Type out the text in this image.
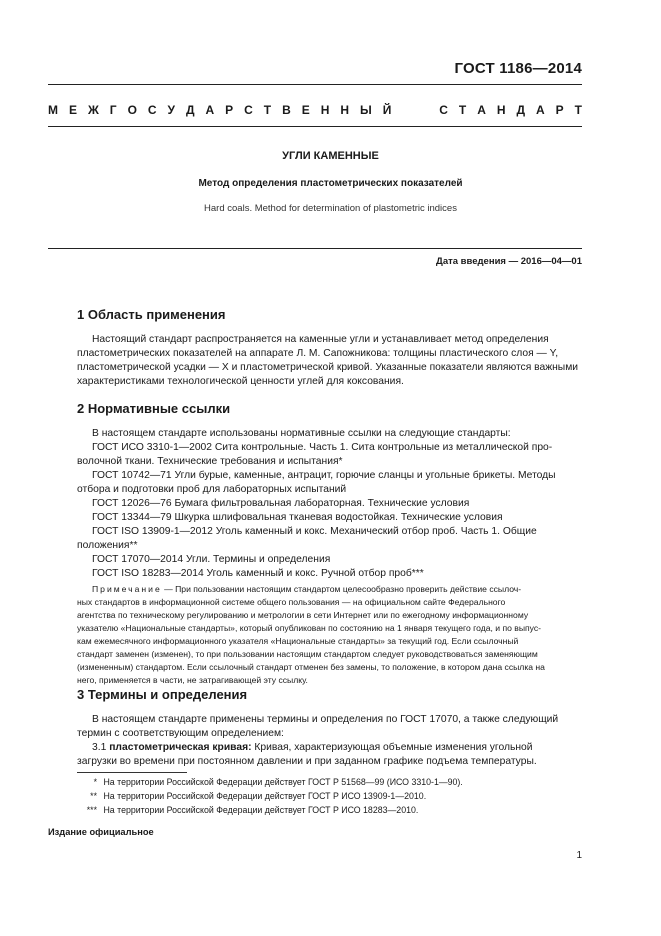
ГОСТ 1186—2014
М Е Ж Г О С У Д А Р С Т В Е Н Н Ы Й	С Т А Н Д А Р Т
УГЛИ КАМЕННЫЕ
Метод определения пластометрических показателей
Hard coals. Method for determination of plastometric indices
Дата введения — 2016—04—01
1 Область применения
Настоящий стандарт распространяется на каменные угли и устанавливает метод определения
пластометрических показателей на аппарате Л. М. Сапожникова: толщины пластического слоя — Y,
пластометрической усадки — X и пластометрической кривой. Указанные показатели являются важными
характеристиками технологической ценности углей для коксования.
2 Нормативные ссылки
В настоящем стандарте использованы нормативные ссылки на следующие стандарты:
ГОСТ ИСО 3310-1—2002 Сита контрольные. Часть 1. Сита контрольные из металлической про-
волочной ткани. Технические требования и испытания*
ГОСТ 10742—71 Угли бурые, каменные, антрацит, горючие сланцы и угольные брикеты. Методы
отбора и подготовки проб для лабораторных испытаний
ГОСТ 12026—76 Бумага фильтровальная лабораторная. Технические условия
ГОСТ 13344—79 Шкурка шлифовальная тканевая водостойкая. Технические условия
ГОСТ ISO 13909-1—2012 Уголь каменный и кокс. Механический отбор проб. Часть 1. Общие
положения**
ГОСТ 17070—2014 Угли. Термины и определения
ГОСТ ISO 18283—2014 Уголь каменный и кокс. Ручной отбор проб***
Примечание — При пользовании настоящим стандартом целесообразно проверить действие ссылоч-
ных стандартов в информационной системе общего пользования — на официальном сайте Федерального
агентства по техническому регулированию и метрологии в сети Интернет или по ежегодному информационному
указателю «Национальные стандарты», который опубликован по состоянию на 1 января текущего года, и по выпус-
кам ежемесячного информационного указателя «Национальные стандарты» за текущий год. Если ссылочный
стандарт заменен (изменен), то при пользовании настоящим стандартом следует руководствоваться заменяющим
(измененным) стандартом. Если ссылочный стандарт отменен без замены, то положение, в котором дана ссылка на
него, применяется в части, не затрагивающей эту ссылку.
3 Термины и определения
В настоящем стандарте применены термины и определения по ГОСТ 17070, а также следующий
термин с соответствующим определением:
3.1 пластометрическая кривая: Кривая, характеризующая объемные изменения угольной
загрузки во времени при постоянном давлении и при заданном графике подъема температуры.
* На территории Российской Федерации действует ГОСТ Р 51568—99 (ИСО 3310-1—90).
** На территории Российской Федерации действует ГОСТ Р ИСО 13909-1—2010.
*** На территории Российской Федерации действует ГОСТ Р ИСО 18283—2010.
Издание официальное
1
